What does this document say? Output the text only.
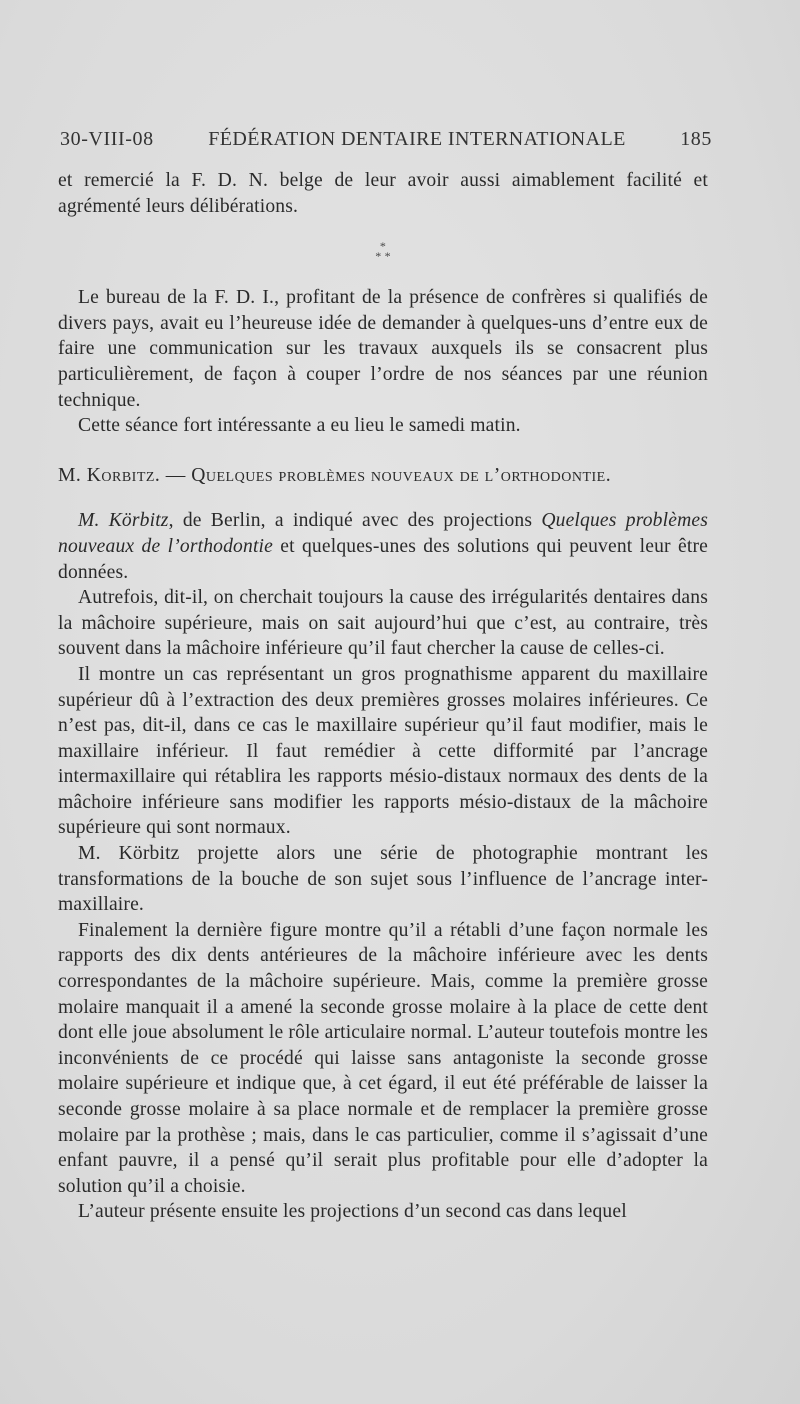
30-VIII-08	FÉDÉRATION DENTAIRE INTERNATIONALE	185

et remercié la F. D. N. belge de leur avoir aussi aimablement facilité et agrémenté leurs délibérations.

*
* *

Le bureau de la F. D. I., profitant de la présence de confrères si qualifiés de divers pays, avait eu l’heureuse idée de demander à quelques-uns d’entre eux de faire une communication sur les travaux auxquels ils se consacrent plus particulièrement, de façon à couper l’ordre de nos séances par une réunion technique.

Cette séance fort intéressante a eu lieu le samedi matin.

M. Korbitz. — Quelques problèmes nouveaux de l’orthodontie.

M. Körbitz, de Berlin, a indiqué avec des projections Quelques problèmes nouveaux de l’orthodontie et quelques-unes des solutions qui peuvent leur être données.

Autrefois, dit-il, on cherchait toujours la cause des irrégularités dentaires dans la mâchoire supérieure, mais on sait aujourd’hui que c’est, au contraire, très souvent dans la mâchoire inférieure qu’il faut chercher la cause de celles-ci.

Il montre un cas représentant un gros prognathisme apparent du maxillaire supérieur dû à l’extraction des deux premières grosses molaires inférieures. Ce n’est pas, dit-il, dans ce cas le maxillaire supérieur qu’il faut modifier, mais le maxillaire inférieur. Il faut remédier à cette difformité par l’ancrage intermaxillaire qui rétablira les rapports mésio-distaux normaux des dents de la mâchoire inférieure sans modifier les rapports mésio-distaux de la mâchoire supérieure qui sont normaux.

M. Körbitz projette alors une série de photographie montrant les transformations de la bouche de son sujet sous l’influence de l’ancrage inter-maxillaire.

Finalement la dernière figure montre qu’il a rétabli d’une façon normale les rapports des dix dents antérieures de la mâchoire inférieure avec les dents correspondantes de la mâchoire supérieure. Mais, comme la première grosse molaire manquait il a amené la seconde grosse molaire à la place de cette dent dont elle joue absolument le rôle articulaire normal. L’auteur toutefois montre les inconvénients de ce procédé qui laisse sans antagoniste la seconde grosse molaire supérieure et indique que, à cet égard, il eut été préférable de laisser la seconde grosse molaire à sa place normale et de remplacer la première grosse molaire par la prothèse ; mais, dans le cas particulier, comme il s’agissait d’une enfant pauvre, il a pensé qu’il serait plus profitable pour elle d’adopter la solution qu’il a choisie.

L’auteur présente ensuite les projections d’un second cas dans lequel
